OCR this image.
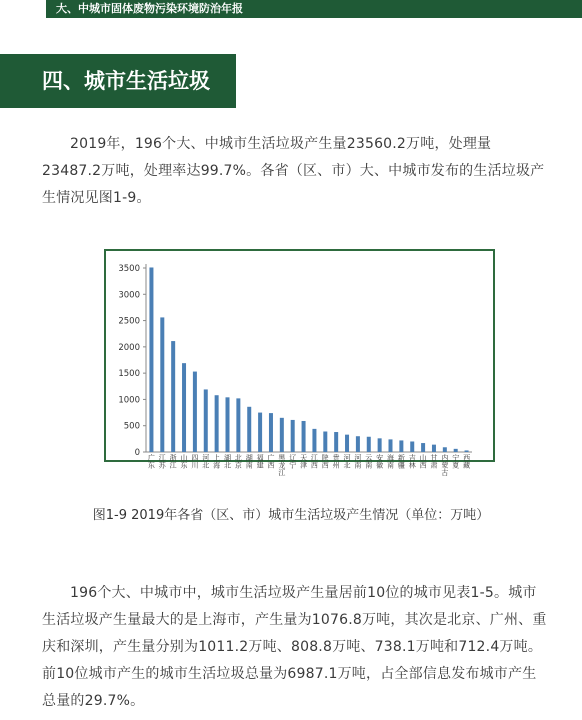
大、中城市固体废物污染环境防治年报
四、城市生活垃圾

2019年，196个大、中城市生活垃圾产生量23560.2万吨，处理量23487.2万吨，处理率达99.7%。各省（区、市）大、中城市发布的生活垃圾产生情况见图1-9。

0
500
1000
1500
2000
2500
3000
3500
广东
江苏
浙江
山东
四川
河北
上海
湖北
北京
湖南
福建
广西
黑龙江
辽宁
天津
江西
陕西
贵州
河北
河南
云南
安徽
海南
新疆
吉林
山西
甘肃
内蒙古
宁夏
西藏

图1-9 2019年各省（区、市）城市生活垃圾产生情况（单位：万吨）

196个大、中城市中，城市生活垃圾产生量居前10位的城市见表1-5。城市生活垃圾产生量最大的是上海市，产生量为1076.8万吨，其次是北京、广州、重庆和深圳，产生量分别为1011.2万吨、808.8万吨、738.1万吨和712.4万吨。前10位城市产生的城市生活垃圾总量为6987.1万吨，占全部信息发布城市产生总量的29.7%。
